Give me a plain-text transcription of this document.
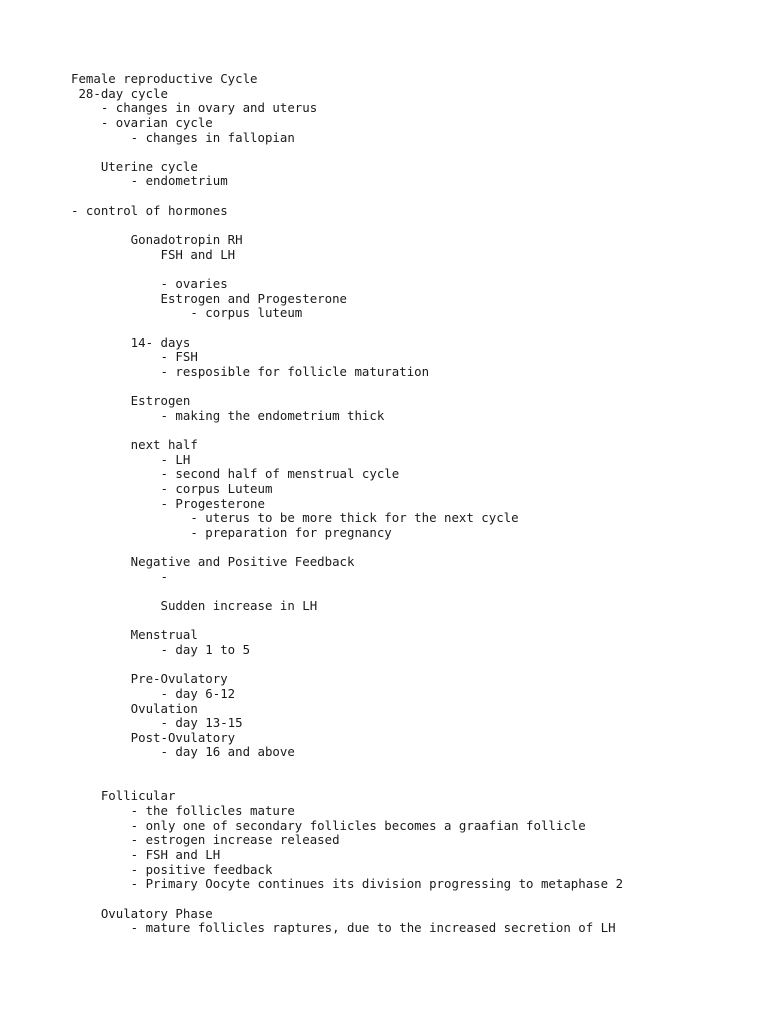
Female reproductive Cycle
28-day cycle
- changes in ovary and uterus
- ovarian cycle
- changes in fallopian
Uterine cycle
- endometrium
- control of hormones
Gonadotropin RH
FSH and LH
- ovaries
Estrogen and Progesterone
- corpus luteum
14- days
- FSH
- resposible for follicle maturation
Estrogen
- making the endometrium thick
next half
- LH
- second half of menstrual cycle
- corpus Luteum
- Progesterone
- uterus to be more thick for the next cycle
- preparation for pregnancy
Negative and Positive Feedback
-
Sudden increase in LH
Menstrual
- day 1 to 5
Pre-Ovulatory
- day 6-12
Ovulation
- day 13-15
Post-Ovulatory
- day 16 and above
Follicular
- the follicles mature
- only one of secondary follicles becomes a graafian follicle
- estrogen increase released
- FSH and LH
- positive feedback
- Primary Oocyte continues its division progressing to metaphase 2
Ovulatory Phase
- mature follicles raptures, due to the increased secretion of LH
